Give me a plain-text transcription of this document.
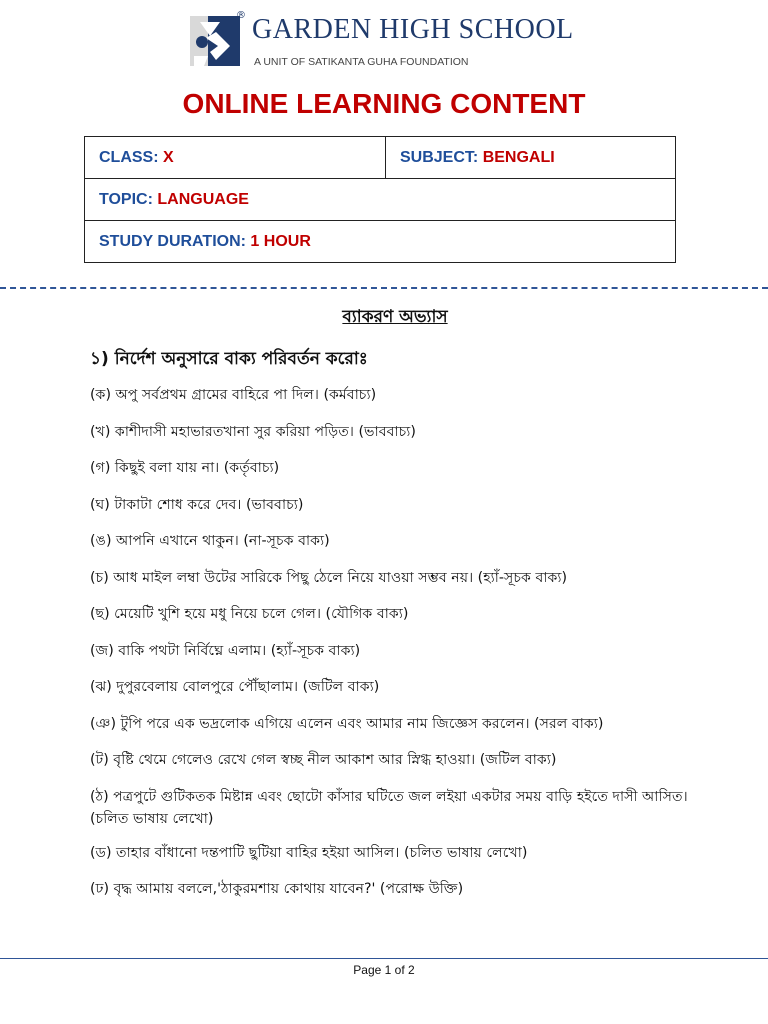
® GARDEN HIGH SCHOOL
A UNIT OF SATIKANTA GUHA FOUNDATION
ONLINE LEARNING CONTENT
CLASS: X	SUBJECT: BENGALI
TOPIC: LANGUAGE
STUDY DURATION: 1 HOUR
ব্যাকরণ অভ্যাস
১) নির্দেশ অনুসারে বাক্য পরিবর্তন করোঃ
(ক) অপু সর্বপ্রথম গ্রামের বাহিরে পা দিল। (কর্মবাচ্য)
(খ) কাশীদাসী মহাভারতখানা সুর করিয়া পড়িত। (ভাববাচ্য)
(গ) কিছুই বলা যায় না। (কর্তৃবাচ্য)
(ঘ) টাকাটা শোধ করে দেব। (ভাববাচ্য)
(ঙ) আপনি এখানে থাকুন। (না-সূচক বাক্য)
(চ) আধ মাইল লম্বা উটের সারিকে পিছু ঠেলে নিয়ে যাওয়া সম্ভব নয়। (হ্যাঁ-সূচক বাক্য)
(ছ) মেয়েটি খুশি হয়ে মধু নিয়ে চলে গেল। (যৌগিক বাক্য)
(জ) বাকি পথটা নির্বিঘ্নে এলাম। (হ্যাঁ-সূচক বাক্য)
(ঝ) দুপুরবেলায় বোলপুরে পৌঁছালাম। (জটিল বাক্য)
(ঞ) টুপি পরে এক ভদ্রলোক এগিয়ে এলেন এবং আমার নাম জিজ্ঞেস করলেন। (সরল বাক্য)
(ট) বৃষ্টি থেমে গেলেও রেখে গেল স্বচ্ছ নীল আকাশ আর স্নিগ্ধ হাওয়া। (জটিল বাক্য)
(ঠ) পত্রপুটে গুটিকতক মিষ্টান্ন এবং ছোটো কাঁসার ঘটিতে জল লইয়া একটার সময় বাড়ি হইতে দাসী আসিত। (চলিত ভাষায় লেখো)
(ড) তাহার বাঁধানো দন্তপাটি ছুটিয়া বাহির হইয়া আসিল। (চলিত ভাষায় লেখো)
(ঢ) বৃদ্ধ আমায় বললে,'ঠাকুরমশায় কোথায় যাবেন?' (পরোক্ষ উক্তি)
Page 1 of 2
